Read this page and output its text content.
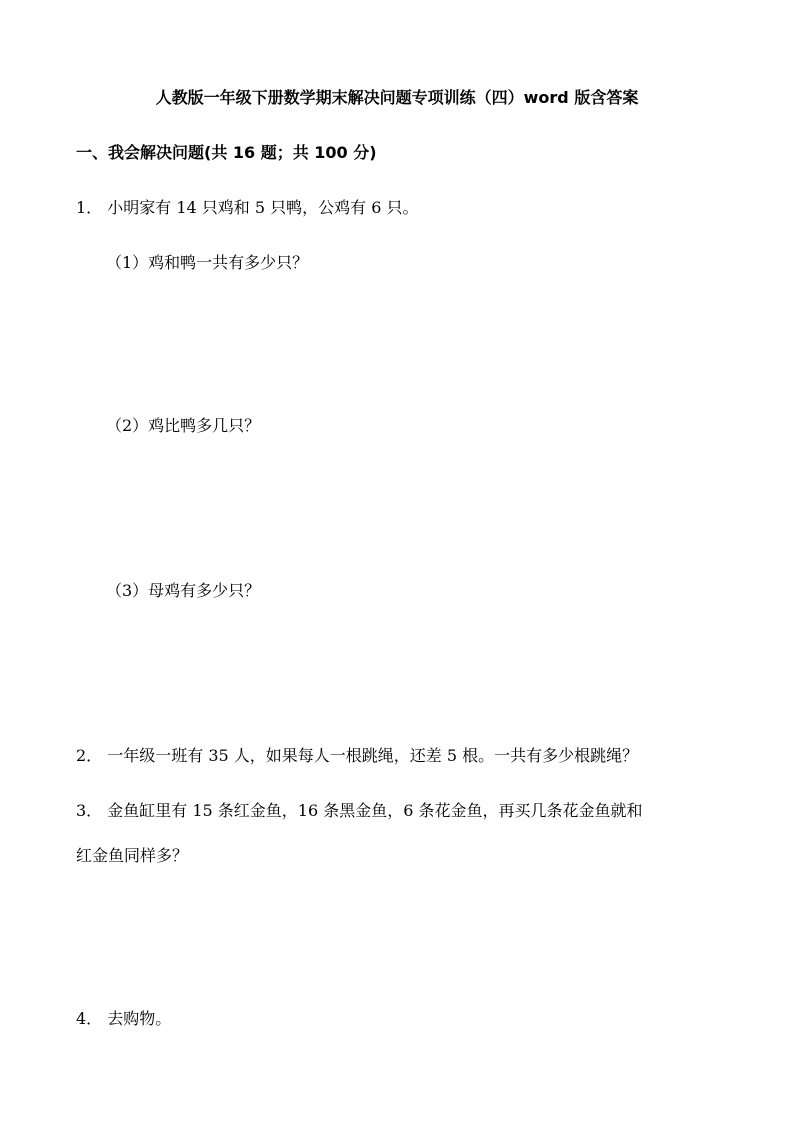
人教版一年级下册数学期末解决问题专项训练（四）word 版含答案
一、我会解决问题(共 16 题；共 100 分)
1． 小明家有 14 只鸡和 5 只鸭，公鸡有 6 只。
（1）鸡和鸭一共有多少只？
（2）鸡比鸭多几只？
（3）母鸡有多少只？
2． 一年级一班有 35 人，如果每人一根跳绳，还差 5 根。一共有多少根跳绳？
3． 金鱼缸里有 15 条红金鱼，16 条黑金鱼，6 条花金鱼，再买几条花金鱼就和
红金鱼同样多？
4． 去购物。
